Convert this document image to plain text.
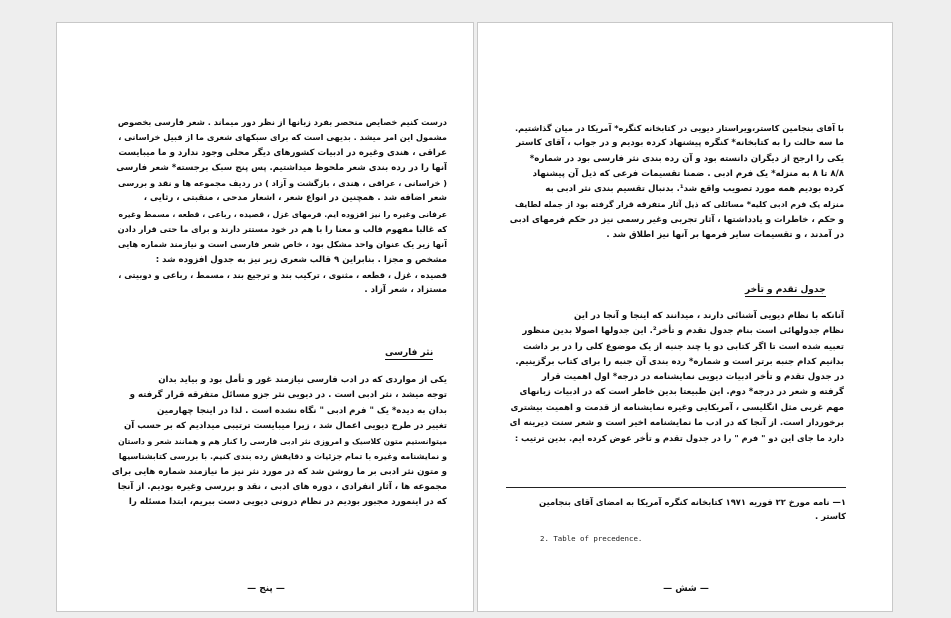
درست کنیم خصایص منحصر بفرد زبانها از نظر دور میماند . شعر فارسی بخصوص
مشمول این امر میشد . بدیهی است که برای سبکهای شعری ما از قبیل خراسانی ،
عراقی ، هندی وغیره در ادبیات کشورهای دیگر محلی وجود ندارد و ما میبایست
آنها را در رده بندی شعر ملحوظ میداشتیم. پس پنج سبک برجسته* شعر فارسی
( خراسانی ، عراقی ، هندی ، بازگشت و آزاد ) در ردیف مجموعه ها و نقد و بررسی
شعر اضافه شد . همچنین در انواع شعر ، اشعار مدحی ، منقبتی ، رثایی ،
عرفانی وغیره را نیز افزوده ایم. فرمهای غزل ، قصیده ، رباعی ، قطعه ، مسمط وغیره
که غالبا مفهوم قالب و معنا را با هم در خود مستتر دارند و برای ما حتی قرار دادن
آنها زیر یک عنوان واحد مشکل بود ، خاص شعر فارسی است و نیازمند شماره هایی
مشخص و مجزا . بنابراین ۹ قالب شعری زیر نیز به جدول افزوده شد :
قصیده ، غزل ، قطعه ، مثنوی ، ترکیب بند و ترجیع بند ، مسمط ، رباعی و دوبیتی ،
مستزاد ، شعر آزاد .
نثر فارسی
یکی از مواردی که در ادب فارسی نیازمند غور و تأمل بود و بیاید بدان
توجه میشد ، نثر ادبی است . در دیویی نثر جزو مسائل متفرقه قرار گرفته و
بدان به دیده* یک " فرم ادبی " نگاه نشده است . لذا در اینجا چهارمین
تغییر در طرح دیویی اعمال شد ، زیرا میبایست ترتیبی میدادیم که بر حسب آن
میتوانستیم متون کلاسیک و امروزی نثر ادبی فارسی را کنار هم و همانند شعر و داستان
و نمایشنامه وغیره با تمام جزئیات و دقایقش رده بندی کنیم. با بررسی کتابشناسیها
و متون نثر ادبی بر ما روشن شد که در مورد نثر نیز ما نیازمند شماره هایی برای
مجموعه ها ، آثار انفرادی ، دوره های ادبی ، نقد و بررسی وغیره بودیم. از آنجا
که در اینمورد مجبور بودیم در نظام درونی دیویی دست ببریم، ابتدا مسئله را
— پنج —
با آقای بنجامین کاستر،ویراستار دیویی در کتابخانه کنگره* آمریکا در میان گذاشتیم.
ما سه حالت را به کتابخانه* کنگره پیشنهاد کرده بودیم و در جواب ، آقای کاستر
یکی را ارجح از دیگران دانسته بود و آن رده بندی نثر فارسی بود در شماره*
۸/۸ تا ۸ به منزله* یک فرم ادبی . ضمنا تقسیمات فرعی که ذیل آن پیشنهاد
کرده بودیم همه مورد تصویب واقع شد¹. بدنبال تقسیم بندی نثر ادبی به
منزله یک فرم ادبی کلیه* مسائلی که ذیل آثار متفرقه قرار گرفته بود از جمله لطایف
و حکم ، خاطرات و یادداشتها ، آثار تجربی وغیر رسمی نیز در حکم فرمهای ادبی
در آمدند ، و تقسیمات سایر فرمها بر آنها نیز اطلاق شد .
جدول تقدم و تأخر
آنانکه با نظام دیویی آشنائی دارند ، میدانند که اینجا و آنجا در این
نظام جدولهائی است بنام جدول تقدم و تأخر². این جدولها اصولا بدین منظور
تعبیه شده است تا اگر کتابی دو یا چند جنبه از یک موضوع کلی را در بر داشت
بدانیم کدام جنبه برتر است و شماره* رده بندی آن جنبه را برای کتاب برگزینیم.
در جدول تقدم و تأخر ادبیات دیویی نمایشنامه در درجه* اول اهمیت قرار
گرفته و شعر در درجه* دوم. این طبیعتا بدین خاطر است که در ادبیات زبانهای
مهم غربی مثل انگلیسی ، آمریکایی وغیره نمایشنامه از قدمت و اهمیت بیشتری
برخوردار است. از آنجا که در ادب ما نمایشنامه اخیر است و شعر سنت دیرینه ای
دارد ما جای این دو " فرم " را در جدول تقدم و تأخر عوض کرده ایم. بدین ترتیب :
۱— نامه مورخ ۲۲ فوریه ۱۹۷۱ کتابخانه کنگره آمریکا به امضای آقای بنجامین
کاستر .
2. Table of precedence.
— شش —
